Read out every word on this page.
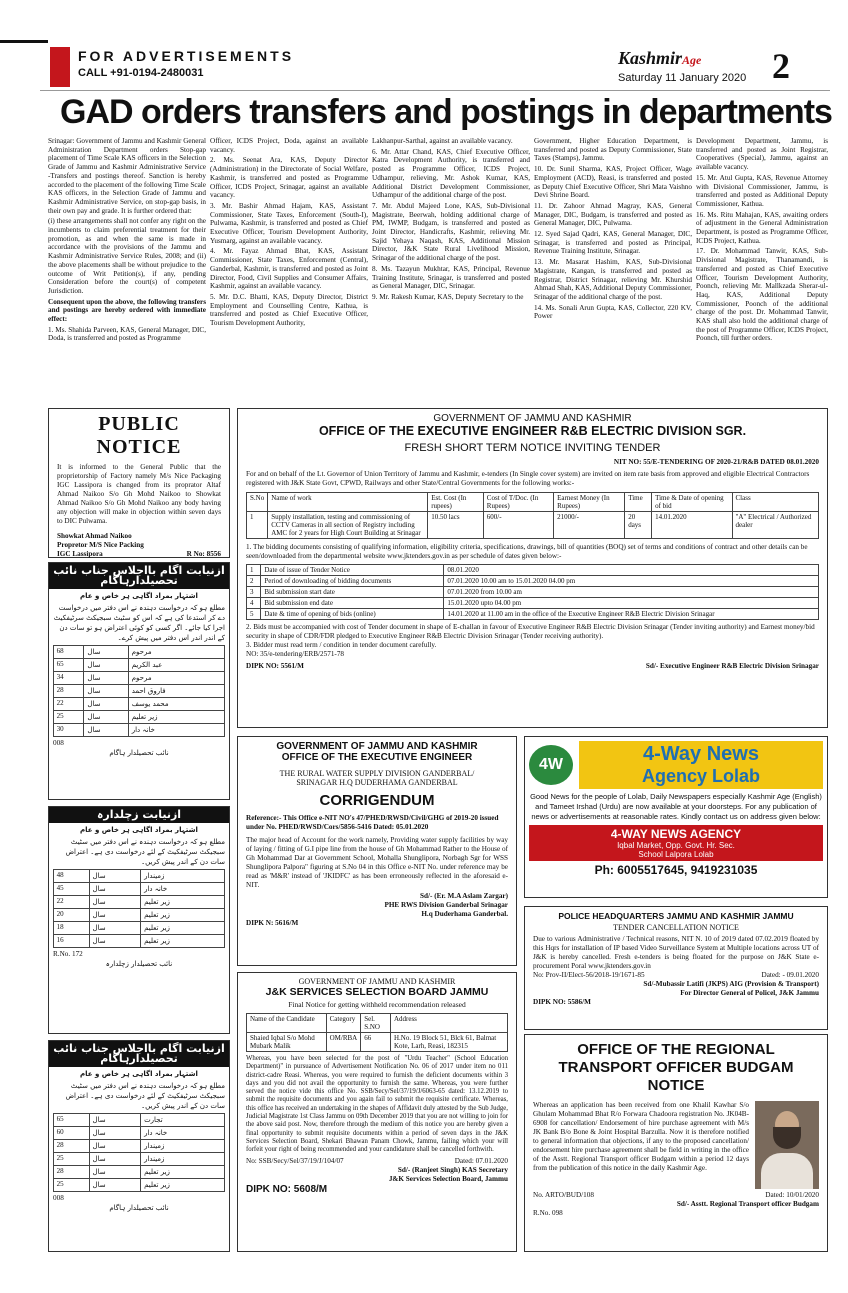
FOR ADVERTISEMENTS
CALL +91-0194-2480031
KashmirAge
Saturday 11 January 2020 2
GAD orders transfers and postings in departments

Srinagar: Government of Jammu and Kashmir General Administration Department orders Stop-gap placement of Time Scale KAS officers in the Selection Grade of Jammu and Kashmir Administrative Service -Transfers and postings thereof. Sanction is hereby accorded to the placement of the following Time Scale KAS officers, in the Selection Grade of Jammu and Kashmir Administrative Service, on stop-gap basis, in their own pay and grade. It is further ordered that:

(i) these arrangements shall not confer any right on the incumbents to claim preferential treatment for their promotion, as and when the same is made in accordance with the provisions of the Jammu and Kashmir Administrative Service Rules, 2008; and (ii) the above placements shall be without prejudice to the outcome of Writ Petition(s), if any, pending Consideration before the court(s) of competent Jurisdiction.

Consequent upon the above, the following transfers and postings are hereby ordered with immediate effect:

1. Ms. Shahida Parveen, KAS, General Manager, DIC, Doda, is transferred and posted as Programme

Officer, ICDS Project, Doda, against an available vacancy.

2. Ms. Seenat Ara, KAS, Deputy Director (Administration) in the Directorate of Social Welfare, Kashmir, is transferred and posted as Programme Officer, ICDS Project, Srinagar, against an available vacancy.

3. Mr. Bashir Ahmad Hajam, KAS, Assistant Commissioner, State Taxes, Enforcement (South-I), Pulwama, Kashmir, is transferred and posted as Chief Executive Officer, Tourism Development Authority, Yusmarg, against an available vacancy.

4. Mr. Fayaz Ahmad Bhat, KAS, Assistant Commissioner, State Taxes, Enforcement (Central), Ganderbal, Kashmir, is transferred and posted as Joint Director, Food, Civil Supplies and Consumer Affairs, Kashmir, against an available vacancy.

5. Mr. D.C. Bhatti, KAS, Deputy Director, District Employment and Counselling Centre, Kathua, is transferred and posted as Chief Executive Officer, Tourism Development Authority,

Lakhanpur-Sarthal, against an available vacancy.

6. Mr. Attar Chand, KAS, Chief Executive Officer, Katra Development Authority, is transferred and posted as Programme Officer, ICDS Project, Udhampur, relieving, Mr. Ashok Kumar, KAS, Additional District Development Commissioner, Udhampur of the additional charge of the post.

7. Mr. Abdul Majeed Lone, KAS, Sub-Divisional Magistrate, Beerwah, holding additional charge of PM, IWMP, Budgam, is transferred and posted as Joint Director, Handicrafts, Kashmir, relieving Mr. Sajid Yehaya Naqash, KAS, Additional Mission Director, J&K State Rural Livelihood Mission, Srinagar of the additional charge of the post.

8. Ms. Tazayun Mukhtar, KAS, Principal, Revenue Training Institute, Srinagar, is transferred and posted as General Manager, DIC, Srinagar.

9. Mr. Rakesh Kumar, KAS, Deputy Secretary to the

Government, Higher Education Department, is transferred and posted as Deputy Commissioner, State Taxes (Stamps), Jammu.

10. Dr. Sunil Sharma, KAS, Project Officer, Wage Employment (ACD), Reasi, is transferred and posted as Deputy Chief Executive Officer, Shri Mata Vaishno Devi Shrine Board.

11. Dr. Zahoor Ahmad Magray, KAS, General Manager, DIC, Budgam, is transferred and posted as General Manager, DIC, Pulwama.

12. Syed Sajad Qadri, KAS, General Manager, DIC, Srinagar, is transferred and posted as Principal, Revenue Training Institute, Srinagar.

13. Mr. Masarat Hashim, KAS, Sub-Divisional Magistrate, Kangan, is transferred and posted as Registrar, District Srinagar, relieving Mr. Khurshid Ahmad Shah, KAS, Additional Deputy Commissioner, Srinagar of the additional charge of the post.

14. Ms. Sonali Arun Gupta, KAS, Collector, 220 KV, Power

Development Department, Jammu, is transferred and posted as Joint Registrar, Cooperatives (Special), Jammu, against an available vacancy.

15. Mr. Atul Gupta, KAS, Revenue Attorney with Divisional Commissioner, Jammu, is transferred and posted as Additional Deputy Commissioner, Kathua.

16. Ms. Ritu Mahajan, KAS, awaiting orders of adjustment in the General Administration Department, is posted as Programme Officer, ICDS Project, Kathua.

17. Dr. Mohammad Tanwir, KAS, Sub-Divisional Magistrate, Thanamandi, is transferred and posted as Chief Executive Officer, Tourism Development Authority, Poonch, relieving Mr. Mallkzada Sherar-ul-Haq, KAS, Additional Deputy Commissioner, Poonch of the additional charge of the post. Dr. Mohammad Tanwir, KAS shall also hold the additional charge of the post of Programme Officer, ICDS Project, Poonch, till further orders.

PUBLIC NOTICE
It is informed to the General Public that the proprietorship of Factory namely M/s Nice Packaging IGC Lassipora is changed from its proprator Altaf Ahmad Naikoo S/o Gh Mohd Naikoo to Showkat Ahmad Naikoo S/o Gh Mohd Naikoo any body having any objection will make in objection within seven days to DIC Pulwama.
Showkat Ahmad Naikoo
Propretor M/S Nice Packing
IGC Lassipora	R No: 8556
GOVERNMENT OF JAMMU AND KASHMIR
OFFICE OF THE EXECUTIVE ENGINEER R&B ELECTRIC DIVISION SGR.
FRESH SHORT TERM NOTICE INVITING TENDER
NIT NO: 55/E-TENDERING OF 2020-21/R&B DATED 08.01.2020
For and on behalf of the Lt. Governor of Union Territory of Jammu and Kashmir, e-tenders (In Single cover system) are invited on item rate basis from approved and eligible Electrical Contractors registered with J&K State Govt, CPWD, Railways and other State/Central Governments for the following works:-
S.No	Name of work	Est. Cost (In rupees)	Cost of T/Doc. (In Rupees)	Earnest Money (In Rupees)	Time	Time & Date of opening of bid	Class
1	Supply installation, testing and commissioning of CCTV Cameras in all section of Registry including AMC for 2 years for High Court Building at Srinagar	10.50 lacs	600/-	21000/-	20 days	14.01.2020	"A" Electrical / Authorized dealer
1. The bidding documents consisting of qualifying information, eligibility criteria, specifications, drawings, bill of quantities (BOQ) set of terms and conditions of contract and other details can be seen/downloaded from the departmental website www.jktenders.gov.in as per schedule of dates given below:-
1	Date of issue of Tender Notice	08.01.2020
2	Period of downloading of bidding documents	07.01.2020 10.00 am to 15.01.2020 04.00 pm
3	Bid submission start date	07.01.2020 from 10.00 am
4	Bid submission end date	15.01.2020 upto 04.00 pm
5	Date & time of opening of bids (online)	14.01.2020 at 11.00 am in the office of the Executive Engineer R&B Electric Division Srinagar
2. Bids must be accompanied with cost of Tender document in shape of E-challan in favour of Executive Engineer R&B Electric Division Srinagar (Tender inviting authority) and Earnest money/bid security in shape of CDR/FDR pledged to Executive Engineer R&B Electric Division Srinagar (Tender receiving authority).
3. Bidder must read term / condition in tender document carefully.
NO: 35/e-tendering/ERB/2571-78
DIPK NO: 5561/M	Sd/- Executive Engineer R&B Electric Division Srinagar
ازنیابت اگام بااجلاس جناب نائب تحصیلدارہاگام
اشتہار بمراد اگاہی ہر خاص و عام
مطلع ہو کہ درخواست دہندہ نے اس دفتر میں درخواست دے کر استدعا کی ہے کہ اس کو سٹیٹ سبجیکٹ سرٹیفکیٹ اجرا کیا جائے۔ اگر کسی کو کوئی اعتراض ہو تو سات دن کے اندر اندر اس دفتر میں پیش کرے۔
68	سال	مرحوم
65	سال	عبد الکریم
34	سال	مرحوم
28	سال	فاروق احمد
22	سال	محمد یوسف
25	سال	زیر تعلیم
30	سال	خانہ دار
008
نائب تحصیلدار ہاگام
ازنیابت زچلدارہ
اشتہار بمراد اگاہی ہر خاص و عام
مطلع ہو کہ درخواست دہندہ نے اس دفتر میں سٹیٹ سبجیکٹ سرٹیفکیٹ کے لئے درخواست دی ہے۔ اعتراض سات دن کے اندر پیش کریں۔
48	سال	زمیندار
45	سال	خانہ دار
22	سال	زیر تعلیم
20	سال	زیر تعلیم
18	سال	زیر تعلیم
16	سال	زیر تعلیم
R.No. 172
نائب تحصیلدار زچلدارہ
ازنیابت اگام بااجلاس جناب نائب تحصیلدارہاگام
اشتہار بمراد اگاہی ہر خاص و عام
مطلع ہو کہ درخواست دہندہ نے اس دفتر میں سٹیٹ سبجیکٹ سرٹیفکیٹ کے لئے درخواست دی ہے۔ اعتراض سات دن کے اندر پیش کریں۔
65	سال	تجارت
60	سال	خانہ دار
28	سال	زمیندار
25	سال	زمیندار
28	سال	زیر تعلیم
25	سال	زیر تعلیم
008
نائب تحصیلدار ہاگام
GOVERNMENT OF JAMMU AND KASHMIR
OFFICE OF THE EXECUTIVE ENGINEER
THE RURAL WATER SUPPLY DIVISION GANDERBAL/
SRINAGAR H.Q DUDERHAMA GANDERBAL
CORRIGENDUM
Reference:- This Office e-NIT NO's 47/PHED/RWSD/Civil/GHG of 2019-20 issued under No. PHED/RWSD/Cors/5856-5416 Dated: 05.01.2020
The major head of Account for the work namely, Providing water supply facilities by way of laying / fitting of G.I pipe line from the house of Gh Mohammad Rather to the House of Gh Mohammad Dar at Government School, Mohalla Shunglipora, Norbagh Sgr for WSS Shunglipora Palpora" figuring at S.No 04 in this Office e-NIT No. under reference may be read as 'M&R' instead of 'JKIDFC' as has been erroneously reflected in the aforesaid e-NIT.
Sd/- (Er. M.A Aslam Zargar)
PHE RWS Division Ganderbal Srinagar
H.q Duderhama Ganderbal.
DIPK N: 5616/M
4W	4-Way News
Agency Lolab
Good News for the people of Lolab, Daily Newspapers especially Kashmir Age (English) and Tameet Irshad (Urdu) are now available at your doorsteps. For any publication of news or advertisements at reasonable rates. Kindly contact us on address given below:
4-WAY NEWS AGENCY
Iqbal Market, Opp. Govt. Hr. Sec.
School Lalpora Lolab
Ph: 6005517645, 9419231035
POLICE HEADQUARTERS JAMMU AND KASHMIR JAMMU
TENDER CANCELLATION NOTICE
Due to various Administrative / Technical reasons, NIT N. 10 of 2019 dated 07.02.2019 floated by this Hqrs for installation of IP based Video Surveillance System at Multiple locations across UT of J&K is hereby cancelled. Fresh e-tenders is being floated for the purpose on J&K State e-procurement Poral www.jktenders.gov.in
No: Prov-II/Elect-56/2018-19/1671-85	Dated: - 09.01.2020
Sd/-Mubassir Latifi (JKPS) AIG (Provision & Transport)
For Director General of Policel, J&K Jammu
DIPK NO: 5586/M
GOVERNMENT OF JAMMU AND KASHMIR
J&K SERVICES SELECTION BOARD JAMMU
Final Notice for getting withheld recommendation released
Name of the Candidate	Category	Sel. S.NO	Address
Shaied Iqbal S/o Mohd Mubark Malik	OM/RBA	66	H.No. 19 Block 51, Blck 61, Balmat Kote, Larh, Reasi, 182315
Whereas, you have been selected for the post of "Urdu Teacher" (School Education Department)" in pursuance of Advertisement Notification No. 06 of 2017 under item no 011 district-cadre Reasi. Whereas, you were required to furnish the deficient documents within 3 days and you did not avail the opportunity to furnish the same. Whereas, you were further served the notice vide this office No. SSB/Secy/Sel/37/19/J/6063-65 dated: 13.12.2019 to submit the requisite documents and you again fail to submit the requisite certificate. Whereas, this office has received an undertaking in the shapes of Affidavit duly attested by the Sub Judge, Judicial Magistrate 1st Class Jammu on 09th December 2019 that you are not willing to join for the above said post. Now, therefore through the medium of this notice you are hereby given a final opportunity to submit requisite documents within a period of seven days in the J&K Services Selection Board, Shekari Bhawan Panam Chowk, Jammu, failing which your will forfeit your right of being recommended and your candidature shall be cancelled forthwith.
No: SSB/Secy/Sel/37/19/J/104/07	Dated: 07.01.2020
Sd/- (Ranjeet Singh) KAS Secretary
J&K Services Selection Board, Jammu
DIPK NO: 5608/M
OFFICE OF THE REGIONAL
TRANSPORT OFFICER BUDGAM
NOTICE
Whereas an application has been received from one Khalil Kawhar S/o Ghulam Mohammad Bhat R/o Forwara Chadoora registration No. JK04B-6908 for cancellation/ Endorsement of hire purchase agreement with M/s JK Bank B/o Bone & Joint Hospital Barzulla. Now it is therefore notified to general information that objections, if any to the proposed cancellation/ endorsement hire purchase agreement shall be field in writing in the office of the Asstt. Regional Transport officer Budgam within a period 12 days from the publication of this notice in the daily Kashmir Age.
No. ARTO/BUD/108	Dated: 10/01/2020
Sd/- Asstt. Regional Transport officer Budgam
R.No. 098
